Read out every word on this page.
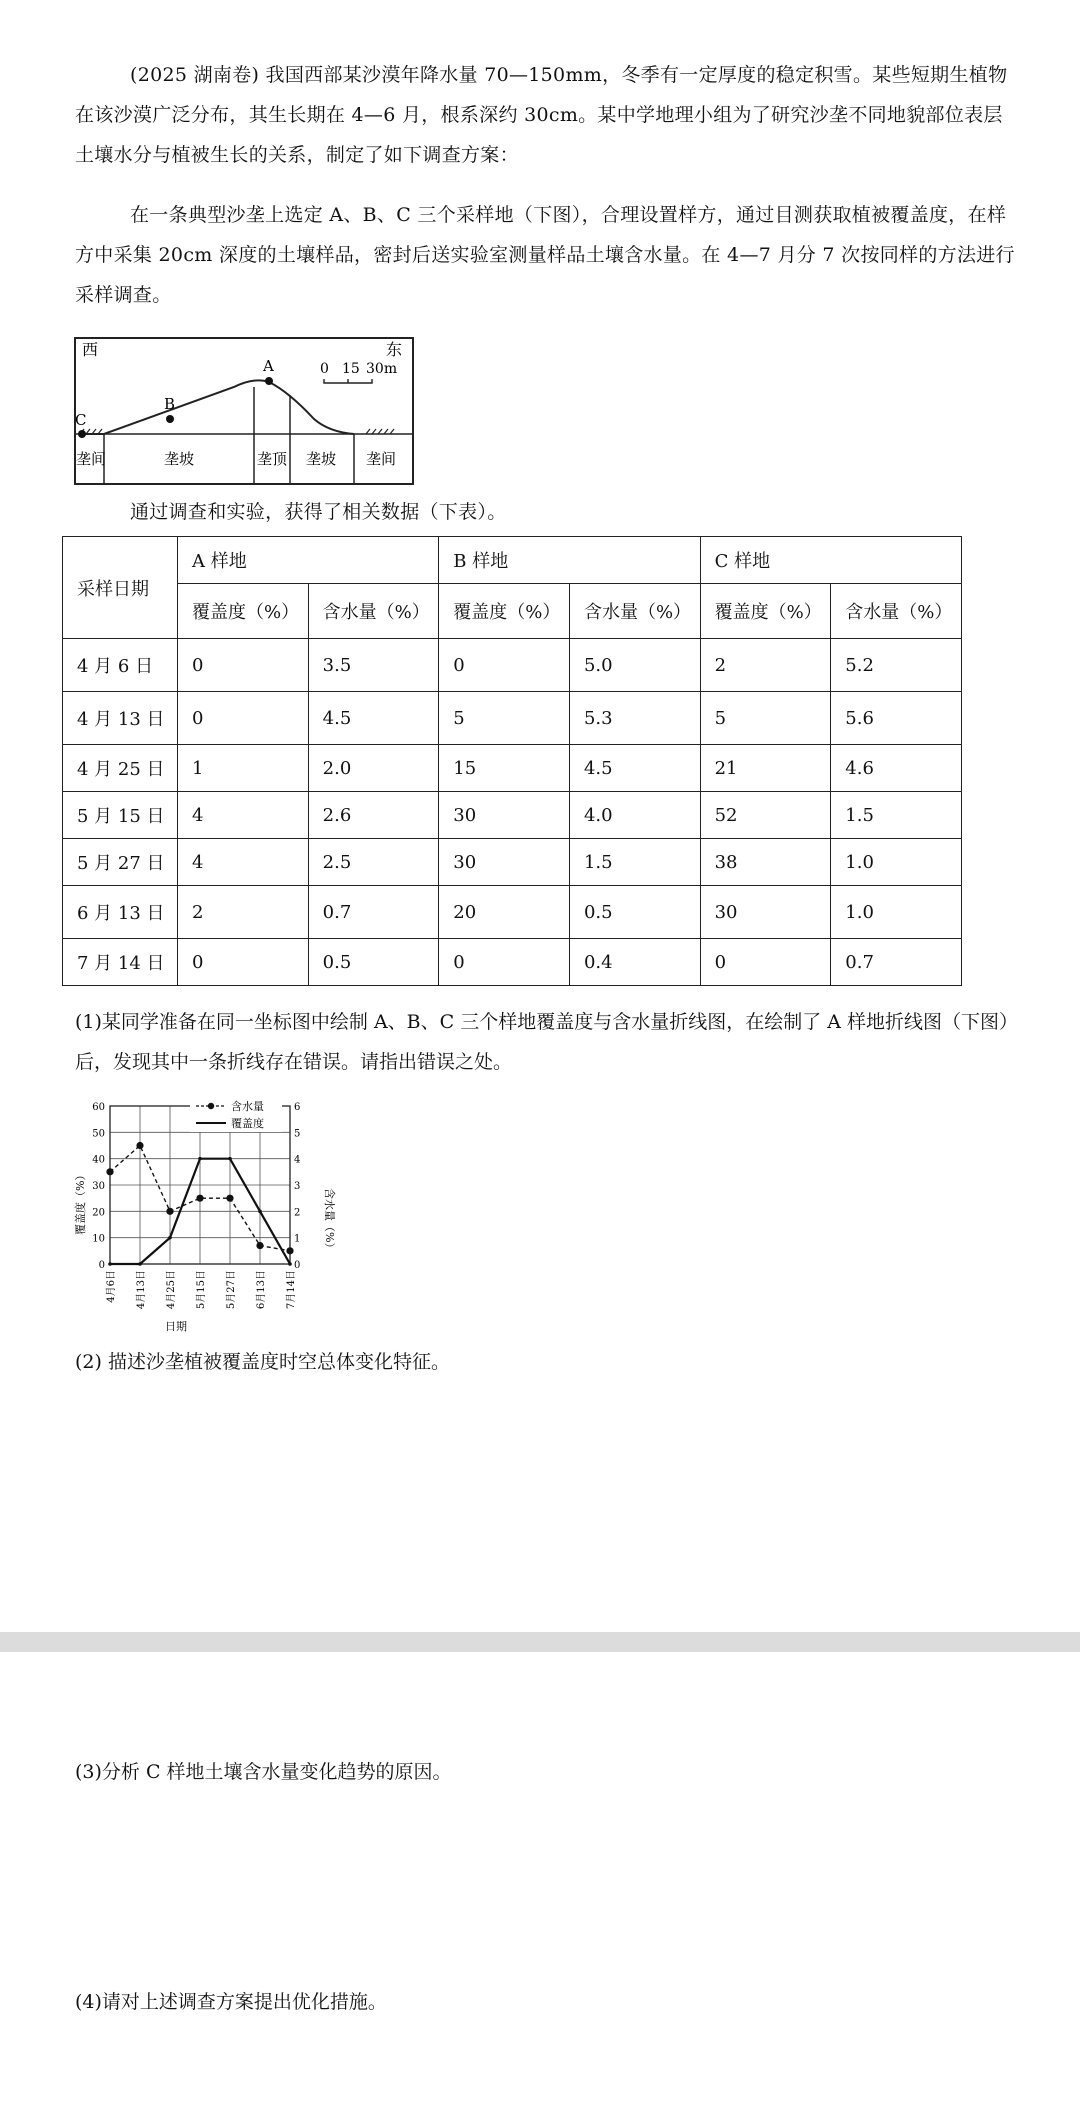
(2025 湖南卷) 我国西部某沙漠年降水量 70—150mm，冬季有一定厚度的稳定积雪。某些短期生植物在该沙漠广泛分布，其生长期在 4—6 月，根系深约 30cm。某中学地理小组为了研究沙垄不同地貌部位表层土壤水分与植被生长的关系，制定了如下调查方案：

在一条典型沙垄上选定 A、B、C 三个采样地（下图），合理设置样方，通过目测获取植被覆盖度，在样方中采集 20cm 深度的土壤样品，密封后送实验室测量样品土壤含水量。在 4—7 月分 7 次按同样的方法进行采样调查。

西	东
C
B
A	0 15 30m
垄间	垄坡	垄顶 垄坡 垄间

通过调查和实验，获得了相关数据（下表）。

采样日期	A 样地		B 样地		C 样地	
	覆盖度（%）	含水量（%）	覆盖度（%）	含水量（%）	覆盖度（%）	含水量（%）
4 月 6 日	0	3.5	0	5.0	2	5.2
4 月 13 日	0	4.5	5	5.3	5	5.6
4 月 25 日	1	2.0	15	4.5	21	4.6
5 月 15 日	4	2.6	30	4.0	52	1.5
5 月 27 日	4	2.5	30	1.5	38	1.0
6 月 13 日	2	0.7	20	0.5	30	1.0
7 月 14 日	0	0.5	0	0.4	0	0.7

(1)某同学准备在同一坐标图中绘制 A、B、C 三个样地覆盖度与含水量折线图，在绘制了 A 样地折线图（下图）后，发现其中一条折线存在错误。请指出错误之处。

0	0
10	1
20	2
30	3
40	4
50	5
60	6
4月6日 4月13日 4月25日 5月15日 5月27日 6月13日 7月14日
含水量
覆盖度
日期
覆盖度（%）	含水量（%）

(2) 描述沙垄植被覆盖度时空总体变化特征。

(3)分析 C 样地土壤含水量变化趋势的原因。

(4)请对上述调查方案提出优化措施。
